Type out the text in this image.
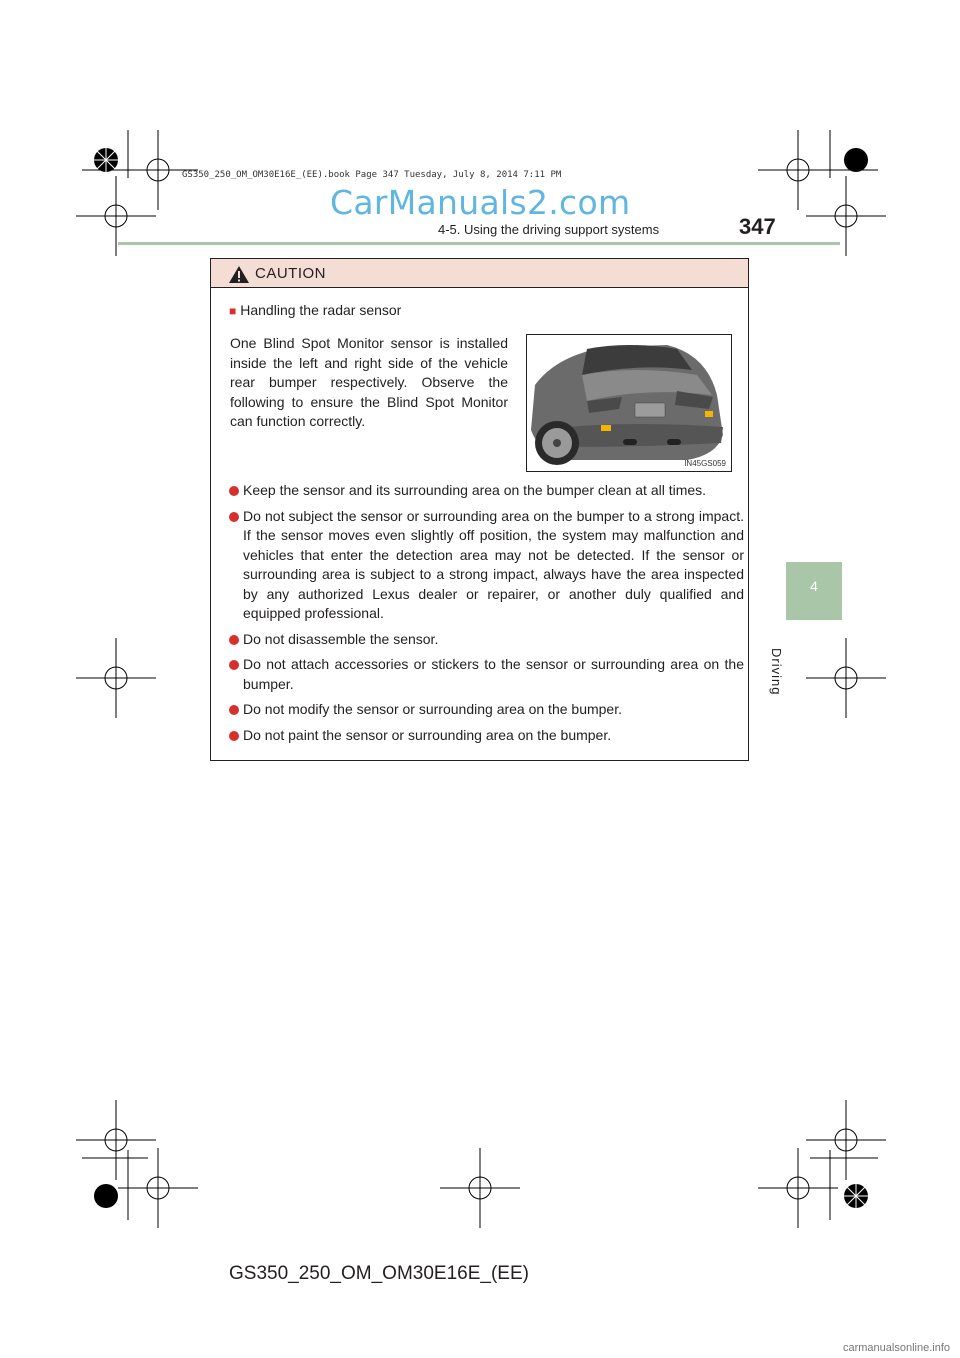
GS350_250_OM_OM30E16E_(EE).book Page 347 Tuesday, July 8, 2014 7:11 PM
CarManuals2.com
4-5. Using the driving support systems	347
4
Driving
CAUTION
■ Handling the radar sensor
One Blind Spot Monitor sensor is installed inside the left and right side of the vehicle rear bumper respectively. Observe the following to ensure the Blind Spot Monitor can function correctly.
IN45GS059
Keep the sensor and its surrounding area on the bumper clean at all times.
Do not subject the sensor or surrounding area on the bumper to a strong impact. If the sensor moves even slightly off position, the system may malfunction and vehicles that enter the detection area may not be detected. If the sensor or surrounding area is subject to a strong impact, always have the area inspected by any authorized Lexus dealer or repairer, or another duly qualified and equipped professional.
Do not disassemble the sensor.
Do not attach accessories or stickers to the sensor or surrounding area on the bumper.
Do not modify the sensor or surrounding area on the bumper.
Do not paint the sensor or surrounding area on the bumper.
GS350_250_OM_OM30E16E_(EE)
carmanualsonline.info
